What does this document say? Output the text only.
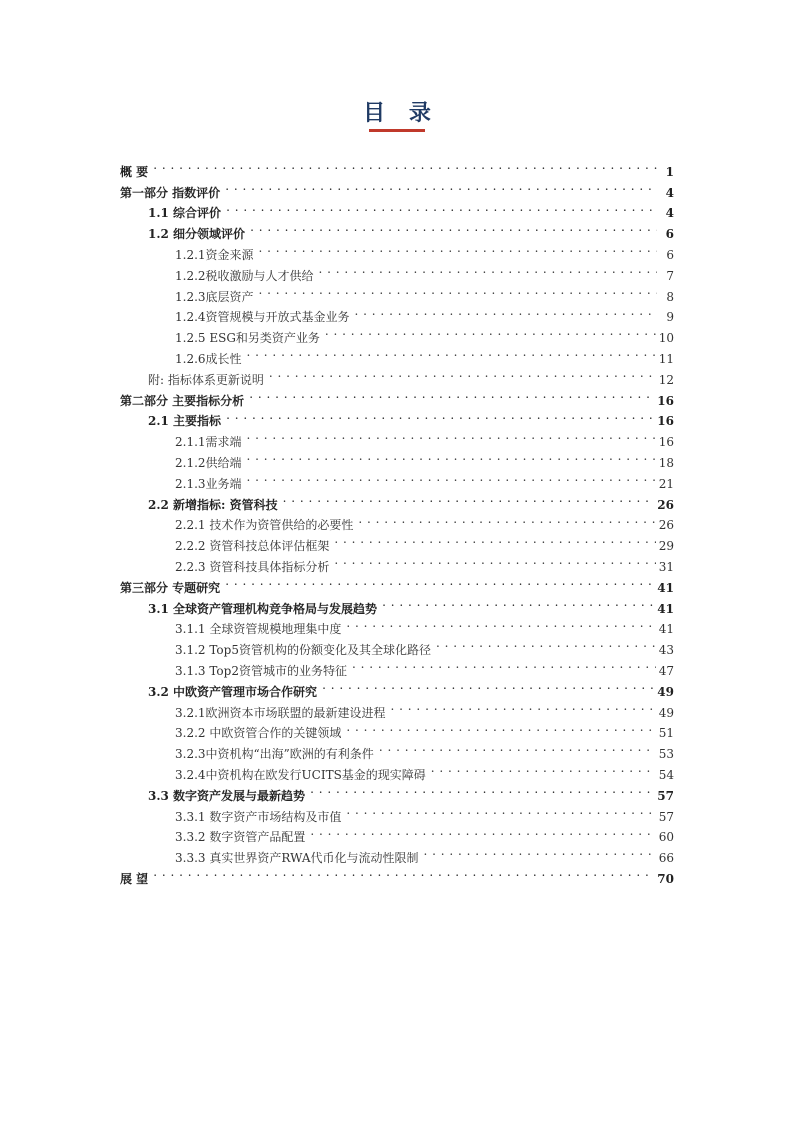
目 录
概 要 . . .	1
第一部分 指数评价 . . .	4
1.1 综合评价 . . .	4
1.2 细分领域评价 . . .	6
1.2.1资金来源 . . .	6
1.2.2税收激励与人才供给 . . .	7
1.2.3底层资产 . . .	8
1.2.4资管规模与开放式基金业务 . . .	9
1.2.5 ESG和另类资产业务 . . .	10
1.2.6成长性 . . .	11
附: 指标体系更新说明 . . .	12
第二部分 主要指标分析 . . .	16
2.1 主要指标 . . .	16
2.1.1需求端 . . .	16
2.1.2供给端 . . .	18
2.1.3业务端 . . .	21
2.2 新增指标: 资管科技 . . .	26
2.2.1 技术作为资管供给的必要性 . . .	26
2.2.2 资管科技总体评估框架 . . .	29
2.2.3 资管科技具体指标分析 . . .	31
第三部分 专题研究 . . .	41
3.1 全球资产管理机构竞争格局与发展趋势 . . .	41
3.1.1 全球资管规模地理集中度 . . .	41
3.1.2 Top5资管机构的份额变化及其全球化路径 . . .	43
3.1.3 Top2资管城市的业务特征 . . .	47
3.2 中欧资产管理市场合作研究 . . .	49
3.2.1欧洲资本市场联盟的最新建设进程 . . .	49
3.2.2 中欧资管合作的关键领域 . . .	51
3.2.3中资机构“出海”欧洲的有利条件 . . .	53
3.2.4中资机构在欧发行UCITS基金的现实障碍 . . .	54
3.3 数字资产发展与最新趋势 . . .	57
3.3.1 数字资产市场结构及市值 . . .	57
3.3.2 数字资管产品配置 . . .	60
3.3.3 真实世界资产RWA代币化与流动性限制 . . .	66
展 望 . . .	70
